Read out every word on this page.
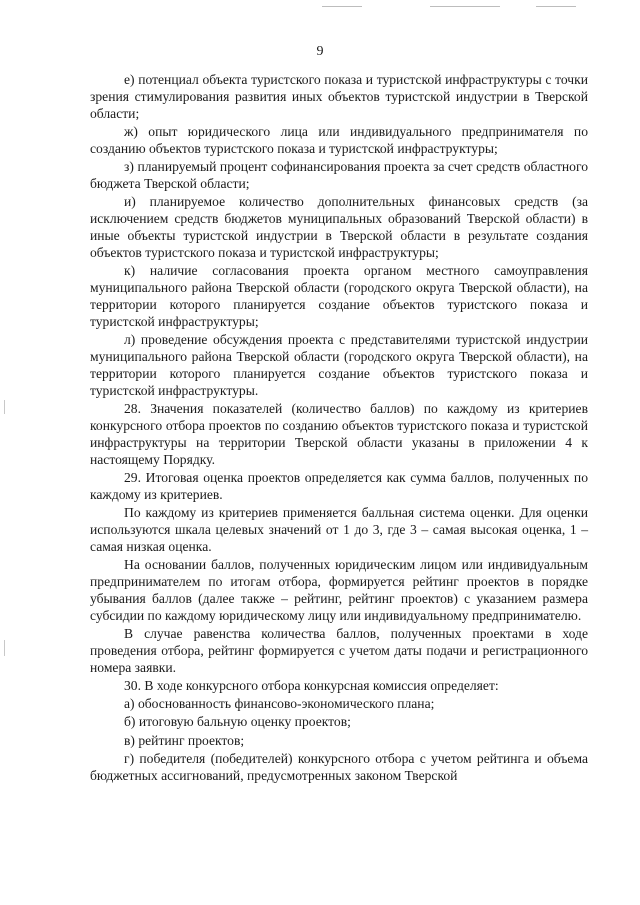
9

е) потенциал объекта туристского показа и туристской инфраструктуры с точки зрения стимулирования развития иных объектов туристской индустрии в Тверской области;

ж) опыт юридического лица или индивидуального предпринимателя по созданию объектов туристского показа и туристской инфраструктуры;

з) планируемый процент софинансирования проекта за счет средств областного бюджета Тверской области;

и) планируемое количество дополнительных финансовых средств (за исключением средств бюджетов муниципальных образований Тверской области) в иные объекты туристской индустрии в Тверской области в результате создания объектов туристского показа и туристской инфраструктуры;

к) наличие согласования проекта органом местного самоуправления муниципального района Тверской области (городского округа Тверской области), на территории которого планируется создание объектов туристского показа и туристской инфраструктуры;

л) проведение обсуждения проекта с представителями туристской индустрии муниципального района Тверской области (городского округа Тверской области), на территории которого планируется создание объектов туристского показа и туристской инфраструктуры.

28. Значения показателей (количество баллов) по каждому из критериев конкурсного отбора проектов по созданию объектов туристского показа и туристской инфраструктуры на территории Тверской области указаны в приложении 4 к настоящему Порядку.

29. Итоговая оценка проектов определяется как сумма баллов, полученных по каждому из критериев.

По каждому из критериев применяется балльная система оценки. Для оценки используются шкала целевых значений от 1 до 3, где 3 – самая высокая оценка, 1 – самая низкая оценка.

На основании баллов, полученных юридическим лицом или индивидуальным предпринимателем по итогам отбора, формируется рейтинг проектов в порядке убывания баллов (далее также – рейтинг, рейтинг проектов) с указанием размера субсидии по каждому юридическому лицу или индивидуальному предпринимателю.

В случае равенства количества баллов, полученных проектами в ходе проведения отбора, рейтинг формируется с учетом даты подачи и регистрационного номера заявки.

30. В ходе конкурсного отбора конкурсная комиссия определяет:

а) обоснованность финансово-экономического плана;

б) итоговую бальную оценку проектов;

в) рейтинг проектов;

г) победителя (победителей) конкурсного отбора с учетом рейтинга и объема бюджетных ассигнований, предусмотренных законом Тверской
